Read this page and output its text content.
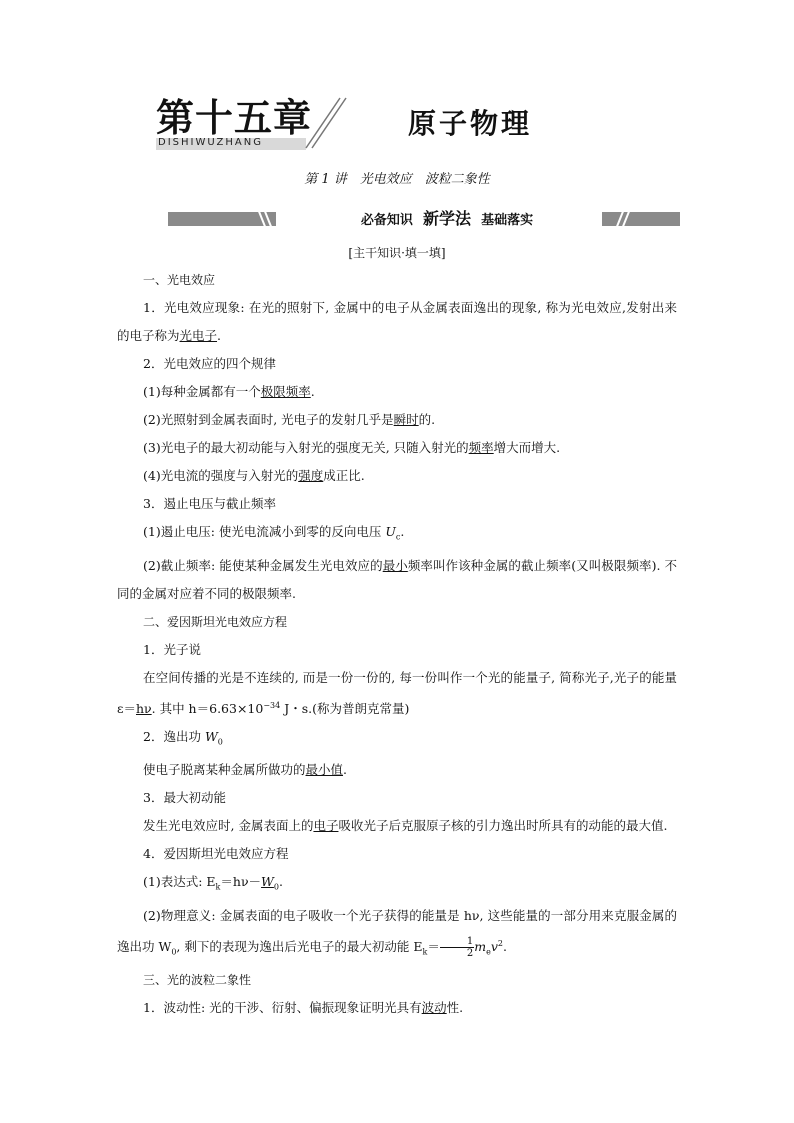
第十五章
DISHIWUZHANG
原子物理
第 1 讲　光电效应　波粒二象性
必备知识 新学法 基础落实
[主干知识·填一填]

一、光电效应

1．光电效应现象: 在光的照射下, 金属中的电子从金属表面逸出的现象, 称为光电效应,发射出来的电子称为光电子.

2．光电效应的四个规律

(1)每种金属都有一个极限频率.

(2)光照射到金属表面时, 光电子的发射几乎是瞬时的.

(3)光电子的最大初动能与入射光的强度无关, 只随入射光的频率增大而增大.

(4)光电流的强度与入射光的强度成正比.

3．遏止电压与截止频率

(1)遏止电压: 使光电流减小到零的反向电压 $U_c$.

(2)截止频率: 能使某种金属发生光电效应的最小频率叫作该种金属的截止频率(又叫极限频率). 不同的金属对应着不同的极限频率.

二、爱因斯坦光电效应方程

1．光子说

在空间传播的光是不连续的, 而是一份一份的, 每一份叫作一个光的能量子, 简称光子,光子的能量 ε＝hν. 其中 $h=6.63\times 10^{-34}$ J・s.(称为普朗克常量)

2．逸出功 $W_0$

使电子脱离某种金属所做功的最小值.

3．最大初动能

发生光电效应时, 金属表面上的电子吸收光子后克服原子核的引力逸出时所具有的动能的最大值.

4．爱因斯坦光电效应方程

(1)表达式: $E_k=h\nu-W_0$.

(2)物理意义: 金属表面的电子吸收一个光子获得的能量是 hν, 这些能量的一部分用来克服金属的逸出功 $W_0$, 剩下的表现为逸出后光电子的最大初动能 $E_k= \frac{1}{2} m_ev^2$.

三、光的波粒二象性

1．波动性: 光的干涉、衍射、偏振现象证明光具有波动性.
